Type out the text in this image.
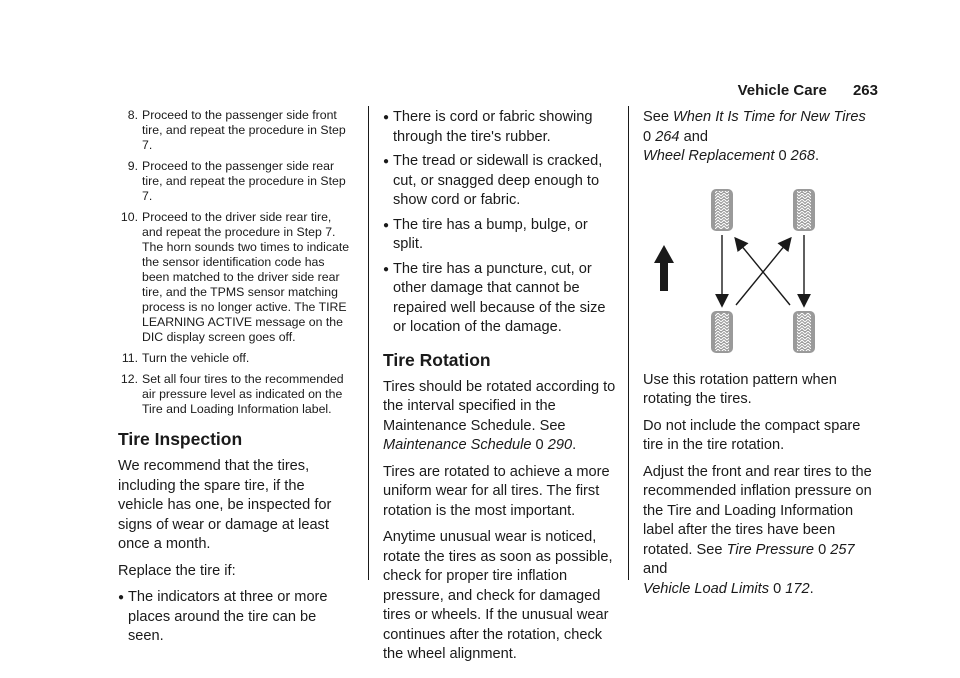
Vehicle Care 263
8. Proceed to the passenger side front tire, and repeat the procedure in Step 7.
9. Proceed to the passenger side rear tire, and repeat the procedure in Step 7.
10. Proceed to the driver side rear tire, and repeat the procedure in Step 7. The horn sounds two times to indicate the sensor identification code has been matched to the driver side rear tire, and the TPMS sensor matching process is no longer active. The TIRE LEARNING ACTIVE message on the DIC display screen goes off.
11. Turn the vehicle off.
12. Set all four tires to the recommended air pressure level as indicated on the Tire and Loading Information label.
Tire Inspection

We recommend that the tires, including the spare tire, if the vehicle has one, be inspected for signs of wear or damage at least once a month.

Replace the tire if:

● The indicators at three or more places around the tire can be seen.
● There is cord or fabric showing through the tire's rubber.
● The tread or sidewall is cracked, cut, or snagged deep enough to show cord or fabric.
● The tire has a bump, bulge, or split.
● The tire has a puncture, cut, or other damage that cannot be repaired well because of the size or location of the damage.
Tire Rotation

Tires should be rotated according to the interval specified in the Maintenance Schedule. See Maintenance Schedule 0 290.

Tires are rotated to achieve a more uniform wear for all tires. The first rotation is the most important.

Anytime unusual wear is noticed, rotate the tires as soon as possible, check for proper tire inflation pressure, and check for damaged tires or wheels. If the unusual wear continues after the rotation, check the wheel alignment.

See When It Is Time for New Tires
0 264 and
Wheel Replacement 0 268.

Use this rotation pattern when rotating the tires.

Do not include the compact spare tire in the tire rotation.

Adjust the front and rear tires to the recommended inflation pressure on the Tire and Loading Information label after the tires have been rotated. See Tire Pressure 0 257 and
Vehicle Load Limits 0 172.
